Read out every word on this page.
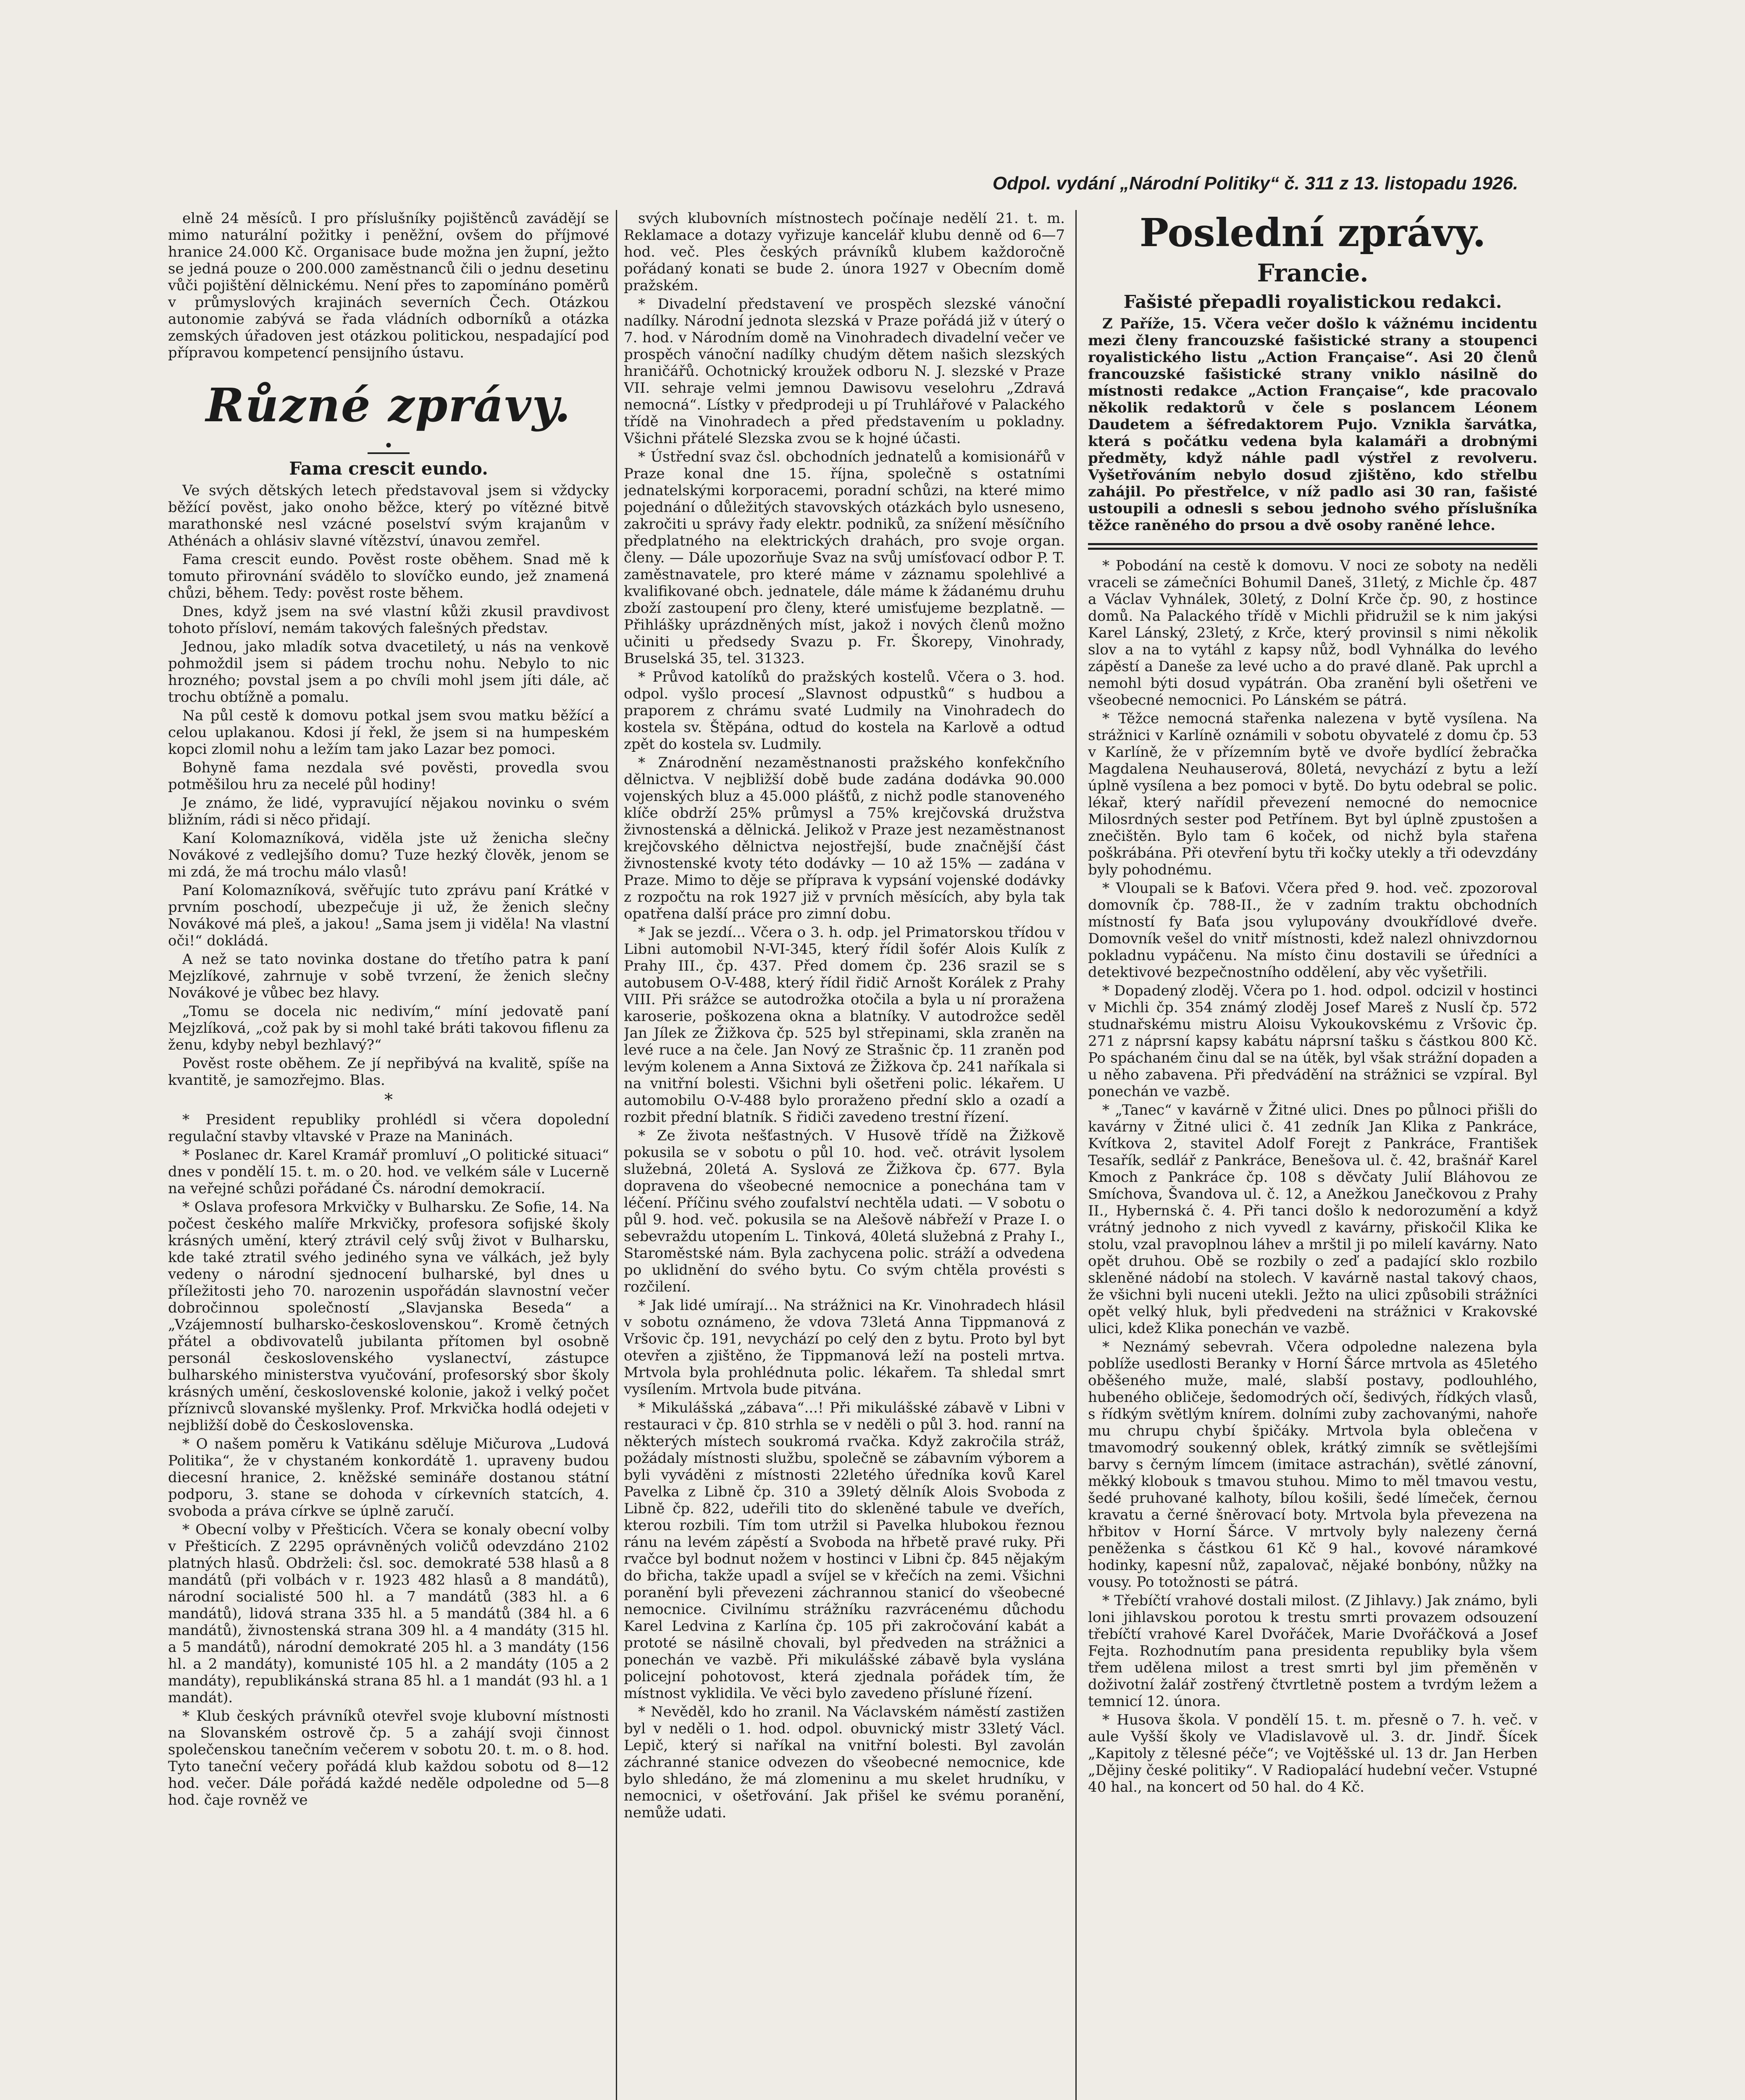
Odpol. vydání „Národní Politiky“ č. 311 z 13. listopadu 1926.

elně 24 měsíců. I pro příslušníky pojištěnců zavádějí se mimo naturální požitky i peněžní, ovšem do příjmové hranice 24.000 Kč. Organisace bude možna jen župní, ježto se jedná pouze o 200.000 zaměstnanců čili o jednu desetinu vůči pojištění dělnickému. Není přes to zapomínáno poměrů v průmyslových krajinách severních Čech. Otázkou autonomie zabývá se řada vládních odborníků a otázka zemských úřadoven jest otázkou politickou, nespadající pod přípravou kompetencí pensijního ústavu.

Různé zprávy.
•
Fama crescit eundo.

Ve svých dětských letech představoval jsem si vždycky běžící pověst, jako onoho běžce, který po vítězné bitvě marathonské nesl vzácné poselství svým krajanům v Athénách a ohlásiv slavné vítězství, únavou zemřel.

Fama crescit eundo. Pověst roste oběhem. Snad mě k tomuto přirovnání svádělo to slovíčko eundo, jež znamená chůzi, během. Tedy: pověst roste během.

Dnes, když jsem na své vlastní kůži zkusil pravdivost tohoto přísloví, nemám takových falešných představ.

Jednou, jako mladík sotva dvacetiletý, u nás na venkově pohmoždil jsem si pádem trochu nohu. Nebylo to nic hrozného; povstal jsem a po chvíli mohl jsem jíti dále, ač trochu obtížně a pomalu.

Na půl cestě k domovu potkal jsem svou matku běžící a celou uplakanou. Kdosi jí řekl, že jsem si na humpeském kopci zlomil nohu a ležím tam jako Lazar bez pomoci.

Bohyně fama nezdala své pověsti, provedla svou potměšilou hru za necelé půl hodiny!

Je známo, že lidé, vypravující nějakou novinku o svém bližním, rádi si něco přidají.

Kaní Kolomazníková, viděla jste už ženicha slečny Novákové z vedlejšího domu? Tuze hezký člověk, jenom se mi zdá, že má trochu málo vlasů!

Paní Kolomazníková, svěřujíc tuto zprávu paní Krátké v prvním poschodí, ubezpečuje ji už, že ženich slečny Novákové má pleš, a jakou! „Sama jsem ji viděla! Na vlastní oči!“ dokládá.

A než se tato novinka dostane do třetího patra k paní Mejzlíkové, zahrnuje v sobě tvrzení, že ženich slečny Novákové je vůbec bez hlavy.

„Tomu se docela nic nedivím,“ míní jedovatě paní Mejzlíková, „což pak by si mohl také bráti takovou fiflenu za ženu, kdyby nebyl bezhlavý?“

Pověst roste oběhem. Ze jí nepřibývá na kvalitě, spíše na kvantitě, je samozřejmo. Blas.

*

* President republiky prohlédl si včera dopolední regulační stavby vltavské v Praze na Maninách.

* Poslanec dr. Karel Kramář promluví „O politické situaci“ dnes v pondělí 15. t. m. o 20. hod. ve velkém sále v Lucerně na veřejné schůzi pořádané Čs. národní demokracií.

* Oslava profesora Mrkvičky v Bulharsku. Ze Sofie, 14. Na počest českého malíře Mrkvičky, profesora sofijské školy krásných umění, který ztrávil celý svůj život v Bulharsku, kde také ztratil svého jediného syna ve válkách, jež byly vedeny o národní sjednocení bulharské, byl dnes u příležitosti jeho 70. narozenin uspořádán slavnostní večer dobročinnou společností „Slavjanska Beseda“ a „Vzájemností bulharsko-československou“. Kromě četných přátel a obdivovatelů jubilanta přítomen byl osobně personál československého vyslanectví, zástupce bulharského ministerstva vyučování, profesorský sbor školy krásných umění, československé kolonie, jakož i velký počet příznivců slovanské myšlenky. Prof. Mrkvička hodlá odejeti v nejbližší době do Československa.

* O našem poměru k Vatikánu sděluje Mičurova „Ludová Politika“, že v chystaném konkordátě 1. upraveny budou diecesní hranice, 2. kněžské semináře dostanou státní podporu, 3. stane se dohoda v církevních statcích, 4. svoboda a práva církve se úplně zaručí.

* Obecní volby v Přešticích. Včera se konaly obecní volby v Přešticích. Z 2295 oprávněných voličů odevzdáno 2102 platných hlasů. Obdrželi: čsl. soc. demokraté 538 hlasů a 8 mandátů (při volbách v r. 1923 482 hlasů a 8 mandátů), národní socialisté 500 hl. a 7 mandátů (383 hl. a 6 mandátů), lidová strana 335 hl. a 5 mandátů (384 hl. a 6 mandátů), živnostenská strana 309 hl. a 4 mandáty (315 hl. a 5 mandátů), národní demokraté 205 hl. a 3 mandáty (156 hl. a 2 mandáty), komunisté 105 hl. a 2 mandáty (105 a 2 mandáty), republikánská strana 85 hl. a 1 mandát (93 hl. a 1 mandát).

* Klub českých právníků otevřel svoje klubovní místnosti na Slovanském ostrově čp. 5 a zahájí svoji činnost společenskou tanečním večerem v sobotu 20. t. m. o 8. hod. Tyto taneční večery pořádá klub každou sobotu od 8—12 hod. večer. Dále pořádá každé neděle odpoledne od 5—8 hod. čaje rovněž ve

svých klubovních místnostech počínaje nedělí 21. t. m. Reklamace a dotazy vyřizuje kancelář klubu denně od 6—7 hod. več. Ples českých právníků klubem každoročně pořádaný konati se bude 2. února 1927 v Obecním domě pražském.

* Divadelní představení ve prospěch slezské vánoční nadílky. Národní jednota slezská v Praze pořádá již v úterý o 7. hod. v Národním domě na Vinohradech divadelní večer ve prospěch vánoční nadílky chudým dětem našich slezských hraničářů. Ochotnický kroužek odboru N. J. slezské v Praze VII. sehraje velmi jemnou Dawisovu veselohru „Zdravá nemocná“. Lístky v předprodeji u pí Truhlářové v Palackého třídě na Vinohradech a před představením u pokladny. Všichni přátelé Slezska zvou se k hojné účasti.

* Ústřední svaz čsl. obchodních jednatelů a komisionářů v Praze konal dne 15. října, společně s ostatními jednatelskými korporacemi, poradní schůzi, na které mimo pojednání o důležitých stavovských otázkách bylo usneseno, zakročiti u správy řady elektr. podniků, za snížení měsíčního předplatného na elektrických drahách, pro svoje organ. členy. — Dále upozorňuje Svaz na svůj umísťovací odbor P. T. zaměstnavatele, pro které máme v záznamu spolehlivé a kvalifikované obch. jednatele, dále máme k žádanému druhu zboží zastoupení pro členy, které umisťujeme bezplatně. — Přihlášky uprázdněných míst, jakož i nových členů možno učiniti u předsedy Svazu p. Fr. Škorepy, Vinohrady, Bruselská 35, tel. 31323.

* Průvod katolíků do pražských kostelů. Včera o 3. hod. odpol. vyšlo procesí „Slavnost odpustků“ s hudbou a praporem z chrámu svaté Ludmily na Vinohradech do kostela sv. Štěpána, odtud do kostela na Karlově a odtud zpět do kostela sv. Ludmily.

* Znárodnění nezaměstnanosti pražského konfekčního dělnictva. V nejbližší době bude zadána dodávka 90.000 vojenských bluz a 45.000 plášťů, z nichž podle stanoveného klíče obdrží 25% průmysl a 75% krejčovská družstva živnostenská a dělnická. Jelikož v Praze jest nezaměstnanost krejčovského dělnictva nejostřejší, bude značnější část živnostenské kvoty této dodávky — 10 až 15% — zadána v Praze. Mimo to děje se příprava k vypsání vojenské dodávky z rozpočtu na rok 1927 již v prvních měsících, aby byla tak opatřena další práce pro zimní dobu.

* Jak se jezdí... Včera o 3. h. odp. jel Primatorskou třídou v Libni automobil N-VI-345, který řídil šofér Alois Kulík z Prahy III., čp. 437. Před domem čp. 236 srazil se s autobusem O-V-488, který řídil řidič Arnošt Korálek z Prahy VIII. Při srážce se autodrožka otočila a byla u ní proražena karoserie, poškozena okna a blatníky. V autodrožce seděl Jan Jílek ze Žižkova čp. 525 byl střepinami, skla zraněn na levé ruce a na čele. Jan Nový ze Strašnic čp. 11 zraněn pod levým kolenem a Anna Sixtová ze Žižkova čp. 241 naříkala si na vnitřní bolesti. Všichni byli ošetřeni polic. lékařem. U automobilu O-V-488 bylo proraženo přední sklo a ozadí a rozbit přední blatník. S řidiči zavedeno trestní řízení.

* Ze života nešťastných. V Husově třídě na Žižkově pokusila se v sobotu o půl 10. hod. več. otrávit lysolem služebná, 20letá A. Syslová ze Žižkova čp. 677. Byla dopravena do všeobecné nemocnice a ponechána tam v léčení. Příčinu svého zoufalství nechtěla udati. — V sobotu o půl 9. hod. več. pokusila se na Alešově nábřeží v Praze I. o sebevraždu utopením L. Tinková, 40letá služebná z Prahy I., Staroměstské nám. Byla zachycena polic. stráží a odvedena po uklidnění do svého bytu. Co svým chtěla provésti s rozčilení.

* Jak lidé umírají... Na strážnici na Kr. Vinohradech hlásil v sobotu oznámeno, že vdova 73letá Anna Tippmanová z Vršovic čp. 191, nevychází po celý den z bytu. Proto byl byt otevřen a zjištěno, že Tippmanová leží na posteli mrtva. Mrtvola byla prohlédnuta polic. lékařem. Ta shledal smrt vysílením. Mrtvola bude pitvána.

* Mikulášská „zábava“...! Při mikulášské zábavě v Libni v restauraci v čp. 810 strhla se v neděli o půl 3. hod. ranní na některých místech soukromá rvačka. Když zakročila stráž, požádaly místnosti službu, společně se zábavním výborem a byli vyváděni z místnosti 22letého úředníka kovů Karel Pavelka z Libně čp. 310 a 39letý dělník Alois Svoboda z Libně čp. 822, udeřili tito do skleněné tabule ve dveřích, kterou rozbili. Tím tom utržil si Pavelka hlubokou řeznou ránu na levém zápěstí a Svoboda na hřbetě pravé ruky. Při rvačce byl bodnut nožem v hostinci v Libni čp. 845 nějakým do břicha, takže upadl a svíjel se v křečích na zemi. Všichni poranění byli převezeni záchrannou stanicí do všeobecné nemocnice. Civilnímu strážníku razvrácenému důchodu Karel Ledvina z Karlína čp. 105 při zakročování kabát a prototé se násilně chovali, byl předveden na strážnici a ponechán ve vazbě. Při mikulášské zábavě byla vyslána policejní pohotovost, která zjednala pořádek tím, že místnost vyklidila. Ve věci bylo zavedeno přísluné řízení.

* Nevěděl, kdo ho zranil. Na Václavském náměstí zastižen byl v neděli o 1. hod. odpol. obuvnický mistr 33letý Václ. Lepič, který si naříkal na vnitřní bolesti. Byl zavolán záchranné stanice odvezen do všeobecné nemocnice, kde bylo shledáno, že má zlomeninu a mu skelet hrudníku, v nemocnici, v ošetřování. Jak přišel ke svému poranění, nemůže udati.

Poslední zprávy.
Francie.
Fašisté přepadli royalistickou redakci.

Z Paříže, 15. Včera večer došlo k vážnému incidentu mezi členy francouzské fašistické strany a stoupenci royalistického listu „Action Française“. Asi 20 členů francouzské fašistické strany vniklo násilně do místnosti redakce „Action Française“, kde pracovalo několik redaktorů v čele s poslancem Léonem Daudetem a šéfredaktorem Pujo. Vznikla šarvátka, která s počátku vedena byla kalamáři a drobnými předměty, když náhle padl výstřel z revolveru. Vyšetřováním nebylo dosud zjištěno, kdo střelbu zahájil. Po přestřelce, v níž padlo asi 30 ran, fašisté ustoupili a odnesli s sebou jednoho svého příslušníka těžce raněného do prsou a dvě osoby raněné lehce.

* Pobodání na cestě k domovu. V noci ze soboty na neděli vraceli se zámečníci Bohumil Daneš, 31letý, z Michle čp. 487 a Václav Vyhnálek, 30letý, z Dolní Krče čp. 90, z hostince domů. Na Palackého třídě v Michli přidružil se k nim jakýsi Karel Lánský, 23letý, z Krče, který provinsil s nimi několik slov a na to vytáhl z kapsy nůž, bodl Vyhnálka do levého zápěstí a Daneše za levé ucho a do pravé dlaně. Pak uprchl a nemohl býti dosud vypátrán. Oba zranění byli ošetřeni ve všeobecné nemocnici. Po Lánském se pátrá.

* Těžce nemocná stařenka nalezena v bytě vysílena. Na strážnici v Karlíně oznámili v sobotu obyvatelé z domu čp. 53 v Karlíně, že v přízemním bytě ve dvoře bydlící žebračka Magdalena Neuhauserová, 80letá, nevychází z bytu a leží úplně vysílena a bez pomoci v bytě. Do bytu odebral se polic. lékař, který nařídil převezení nemocné do nemocnice Milosrdných sester pod Petřínem. Byt byl úplně zpustošen a znečištěn. Bylo tam 6 koček, od nichž byla stařena poškrábána. Při otevření bytu tři kočky utekly a tři odevzdány byly pohodnému.

* Vloupali se k Baťovi. Včera před 9. hod. več. zpozoroval domovník čp. 788-II., že v zadním traktu obchodních místností fy Baťa jsou vylupovány dvoukřídlové dveře. Domovník vešel do vnitř místnosti, kdež nalezl ohnivzdornou pokladnu vypáčenu. Na místo činu dostavili se úředníci a detektivové bezpečnostního oddělení, aby věc vyšetřili.

* Dopadený zloděj. Včera po 1. hod. odpol. odcizil v hostinci v Michli čp. 354 známý zloděj Josef Mareš z Nuslí čp. 572 studnařskému mistru Aloisu Vykoukovskému z Vršovic čp. 271 z náprsní kapsy kabátu náprsní tašku s částkou 800 Kč. Po spáchaném činu dal se na útěk, byl však strážní dopaden a u něho zabavena. Při předvádění na strážnici se vzpíral. Byl ponechán ve vazbě.

* „Tanec“ v kavárně v Žitné ulici. Dnes po půlnoci přišli do kavárny v Žitné ulici č. 41 zedník Jan Klika z Pankráce, Kvítkova 2, stavitel Adolf Forejt z Pankráce, František Tesařík, sedlář z Pankráce, Benešova ul. č. 42, brašnář Karel Kmoch z Pankráce čp. 108 s děvčaty Julií Bláhovou ze Smíchova, Švandova ul. č. 12, a Anežkou Janečkovou z Prahy II., Hybernská č. 4. Při tanci došlo k nedorozumění a když vrátný jednoho z nich vyvedl z kavárny, přiskočil Klika ke stolu, vzal pravoplnou láhev a mrštil ji po milelí kavárny. Nato opět druhou. Obě se rozbily o zeď a padající sklo rozbilo skleněné nádobí na stolech. V kavárně nastal takový chaos, že všichni byli nuceni utekli. Ježto na ulici způsobili strážníci opět velký hluk, byli předvedeni na strážnici v Krakovské ulici, kdež Klika ponechán ve vazbě.

* Neznámý sebevrah. Včera odpoledne nalezena byla poblíže usedlosti Beranky v Horní Šárce mrtvola as 45letého oběšeného muže, malé, slabší postavy, podlouhlého, hubeného obličeje, šedomodrých očí, šedivých, řídkých vlasů, s řídkým světlým knírem. dolními zuby zachovanými, nahoře mu chrupu chybí špičáky. Mrtvola byla oblečena v tmavomodrý soukenný oblek, krátký zimník se světlejšími barvy s černým límcem (imitace astrachán), světlé zánovní, měkký klobouk s tmavou stuhou. Mimo to měl tmavou vestu, šedé pruhované kalhoty, bílou košili, šedé límeček, černou kravatu a černé šněrovací boty. Mrtvola byla převezena na hřbitov v Horní Šárce. V mrtvoly byly nalezeny černá peněženka s částkou 61 Kč 9 hal., kovové náramkové hodinky, kapesní nůž, zapalovač, nějaké bonbóny, nůžky na vousy. Po totožnosti se pátrá.

* Třebíčtí vrahové dostali milost. (Z Jihlavy.) Jak známo, byli loni jihlavskou porotou k trestu smrti provazem odsouzení třebíčtí vrahové Karel Dvořáček, Marie Dvořáčková a Josef Fejta. Rozhodnutím pana presidenta republiky byla všem třem udělena milost a trest smrti byl jim přeměněn v doživotní žalář zostřený čtvrtletně postem a tvrdým ležem a temnicí 12. února.

* Husova škola. V pondělí 15. t. m. přesně o 7. h. več. v aule Vyšší školy ve Vladislavově ul. 3. dr. Jindř. Šícek „Kapitoly z tělesné péče“; ve Vojtěšské ul. 13 dr. Jan Herben „Dějiny české politiky“. V Radiopalácí hudební večer. Vstupné 40 hal., na koncert od 50 hal. do 4 Kč.
